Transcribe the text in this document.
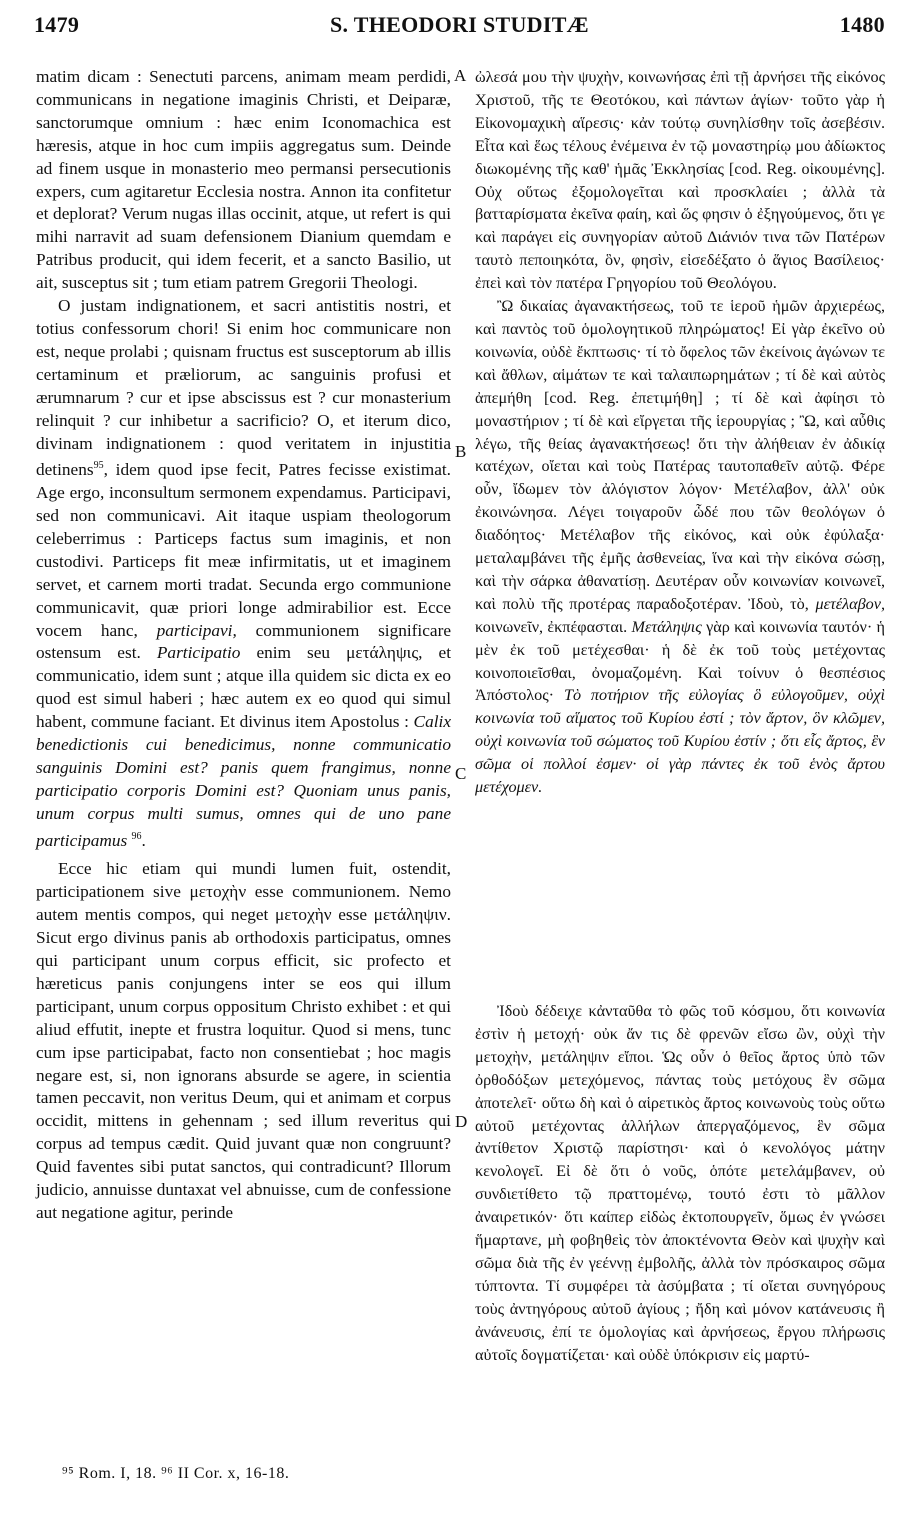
1479	S. THEODORI STUDITÆ	1480
A
B
C
D

matim dicam : Senectuti parcens, animam meam perdidi, communicans in negatione imaginis Christi, et Deiparæ, sanctorumque omnium : hæc enim Iconomachica est hæresis, atque in hoc cum impiis aggregatus sum. Deinde ad finem usque in monasterio meo permansi persecutionis expers, cum agitaretur Ecclesia nostra. Annon ita confitetur et deplorat? Verum nugas illas occinit, atque, ut refert is qui mihi narravit ad suam defensionem Dianium quemdam e Patribus producit, qui idem fecerit, et a sancto Basilio, ut ait, susceptus sit ; tum etiam patrem Gregorii Theologi.

O justam indignationem, et sacri antistitis nostri, et totius confessorum chori! Si enim hoc communicare non est, neque prolabi ; quisnam fructus est susceptorum ab illis certaminum et præliorum, ac sanguinis profusi et ærumnarum ? cur et ipse abscissus est ? cur monasterium relinquit ? cur inhibetur a sacrificio? O, et iterum dico, divinam indignationem : quod veritatem in injustitia detinens$^{95}$, idem quod ipse fecit, Patres fecisse existimat. Age ergo, inconsultum sermonem expendamus. Participavi, sed non communicavi. Ait itaque uspiam theologorum celeberrimus : Particeps factus sum imaginis, et non custodivi. Particeps fit meæ infirmitatis, ut et imaginem servet, et carnem morti tradat. Secunda ergo communione communicavit, quæ priori longe admirabilior est. Ecce vocem hanc, participavi, communionem significare ostensum est. Participatio enim seu μετάληψις, et communicatio, idem sunt ; atque illa quidem sic dicta ex eo quod est simul haberi ; hæc autem ex eo quod qui simul habent, commune faciant. Et divinus item Apostolus : Calix benedictionis cui benedicimus, nonne communicatio sanguinis Domini est? panis quem frangimus, nonne participatio corporis Domini est? Quoniam unus panis, unum corpus multi sumus, omnes qui de uno pane participamus $^{96}$.

Ecce hic etiam qui mundi lumen fuit, ostendit, participationem sive μετοχὴν esse communionem. Nemo autem mentis compos, qui neget μετοχὴν esse μετάληψιν. Sicut ergo divinus panis ab orthodoxis participatus, omnes qui participant unum corpus efficit, sic profecto et hæreticus panis conjungens inter se eos qui illum participant, unum corpus oppositum Christo exhibet : et qui aliud effutit, inepte et frustra loquitur. Quod si mens, tunc cum ipse participabat, facto non consentiebat ; hoc magis negare est, si, non ignorans absurde se agere, in scientia tamen peccavit, non veritus Deum, qui et animam et corpus occidit, mittens in gehennam ; sed illum reveritus qui corpus ad tempus cædit. Quid juvant quæ non congruunt? Quid faventes sibi putat sanctos, qui contradicunt? Illorum judicio, annuisse duntaxat vel abnuisse, cum de confessione aut negatione agitur, perinde

ὠλεσά μου τὴν ψυχὴν, κοινωνήσας ἐπὶ τῇ ἀρνήσει τῆς εἰκόνος Χριστοῦ, τῆς τε Θεοτόκου, καὶ πάντων ἁγίων· τοῦτο γὰρ ἡ Εἰκονομαχικὴ αἵρεσις· κἀν τούτῳ συνηλίσθην τοῖς ἀσεβέσιν. Εἶτα καὶ ἕως τέλους ἐνέμεινα ἐν τῷ μοναστηρίῳ μου ἀδίωκτος διωκομένης τῆς καθ' ἡμᾶς Ἐκκλησίας [cod. Reg. οἰκουμένης]. Οὐχ οὕτως ἐξομολογεῖται καὶ προσκλαίει ; ἀλλὰ τὰ βατταρίσματα ἐκεῖνα φαίη, καὶ ὥς φησιν ὁ ἐξηγούμενος, ὅτι γε καὶ παράγει εἰς συνηγορίαν αὐτοῦ Διάνιόν τινα τῶν Πατέρων ταυτὸ πεποιηκότα, ὃν, φησὶν, εἰσεδέξατο ὁ ἅγιος Βασίλειος· ἐπεὶ καὶ τὸν πατέρα Γρηγορίου τοῦ Θεολόγου.

Ὢ δικαίας ἀγανακτήσεως, τοῦ τε ἱεροῦ ἡμῶν ἀρχιερέως, καὶ παντὸς τοῦ ὁμολογητικοῦ πληρώματος! Εἰ γὰρ ἐκεῖνο οὐ κοινωνία, οὐδὲ ἔκπτωσις· τί τὸ ὄφελος τῶν ἐκείνοις ἀγώνων τε καὶ ἄθλων, αἱμάτων τε καὶ ταλαιπωρημάτων ; τί δὲ καὶ αὐτὸς ἀπεμήθη [cod. Reg. ἐπετιμήθη] ; τί δὲ καὶ ἀφίησι τὸ μοναστήριον ; τί δὲ καὶ εἴργεται τῆς ἱερουργίας ; Ὢ, καὶ αὖθις λέγω, τῆς θείας ἀγανακτήσεως! ὅτι τὴν ἀλήθειαν ἐν ἀδικίᾳ κατέχων, οἴεται καὶ τοὺς Πατέρας ταυτοπαθεῖν αὐτῷ. Φέρε οὖν, ἴδωμεν τὸν ἀλόγιστον λόγον· Μετέλαβον, ἀλλ' οὐκ ἐκοινώνησα. Λέγει τοιγαροῦν ὧδέ που τῶν θεολόγων ὁ διαδόητος· Μετέλαβον τῆς εἰκόνος, καὶ οὐκ ἐφύλαξα· μεταλαμβάνει τῆς ἐμῆς ἀσθενείας, ἵνα καὶ τὴν εἰκόνα σώσῃ, καὶ τὴν σάρκα ἀθανατίσῃ. Δευτέραν οὖν κοινωνίαν κοινωνεῖ, καὶ πολὺ τῆς προτέρας παραδοξοτέραν. Ἰδοὺ, τὸ, μετέλαβον, κοινωνεῖν, ἐκπέφασται. Μετάληψις γὰρ καὶ κοινωνία ταυτόν· ἡ μὲν ἐκ τοῦ μετέχεσθαι· ἡ δὲ ἐκ τοῦ τοὺς μετέχοντας κοινοποιεῖσθαι, ὀνομαζομένη. Καὶ τοίνυν ὁ θεσπέσιος Ἀπόστολος· Τὸ ποτήριον τῆς εὐλογίας ὃ εὐλογοῦμεν, οὐχὶ κοινωνία τοῦ αἵματος τοῦ Κυρίου ἐστί ; τὸν ἄρτον, ὃν κλῶμεν, οὐχὶ κοινωνία τοῦ σώματος τοῦ Κυρίου ἐστίν ; ὅτι εἷς ἄρτος, ἓν σῶμα οἱ πολλοί ἐσμεν· οἱ γὰρ πάντες ἐκ τοῦ ἑνὸς ἄρτου μετέχομεν.

Ἰδοὺ δέδειχε κἀνταῦθα τὸ φῶς τοῦ κόσμου, ὅτι κοινωνία ἐστὶν ἡ μετοχή· οὐκ ἄν τις δὲ φρενῶν εἴσω ὢν, οὐχὶ τὴν μετοχὴν, μετάληψιν εἴποι. Ὡς οὖν ὁ θεῖος ἄρτος ὑπὸ τῶν ὀρθοδόξων μετεχόμενος, πάντας τοὺς μετόχους ἓν σῶμα ἀποτελεῖ· οὕτω δὴ καὶ ὁ αἱρετικὸς ἄρτος κοινωνοὺς τοὺς οὕτω αὐτοῦ μετέχοντας ἀλλήλων ἀπεργαζόμενος, ἓν σῶμα ἀντίθετον Χριστῷ παρίστησι· καὶ ὁ κενολόγος μάτην κενολογεῖ. Εἰ δὲ ὅτι ὁ νοῦς, ὁπότε μετελάμβανεν, οὐ συνδιετίθετο τῷ πραττομένῳ, τουτό ἐστι τὸ μᾶλλον ἀναιρετικόν· ὅτι καίπερ εἰδὼς ἐκτοπουργεῖν, ὅμως ἐν γνώσει ἥμαρτανε, μὴ φοβηθεὶς τὸν ἀποκτένοντα Θεὸν καὶ ψυχὴν καὶ σῶμα διὰ τῆς ἐν γεέννῃ ἐμβολῆς, ἀλλὰ τὸν πρόσκαιρος σῶμα τύπτοντα. Τί συμφέρει τὰ ἀσύμβατα ; τί οἴεται συνηγόρους τοὺς ἀντηγόρους αὐτοῦ ἁγίους ; ἤδη καὶ μόνον κατάνευσις ἢ ἀνάνευσις, ἐπί τε ὁμολογίας καὶ ἀρνήσεως, ἔργου πλήρωσις αὐτοῖς δογματίζεται· καὶ οὐδὲ ὑπόκρισιν εἰς μαρτύ-

⁹⁵ Rom. I, 18. ⁹⁶ II Cor. x, 16-18.
